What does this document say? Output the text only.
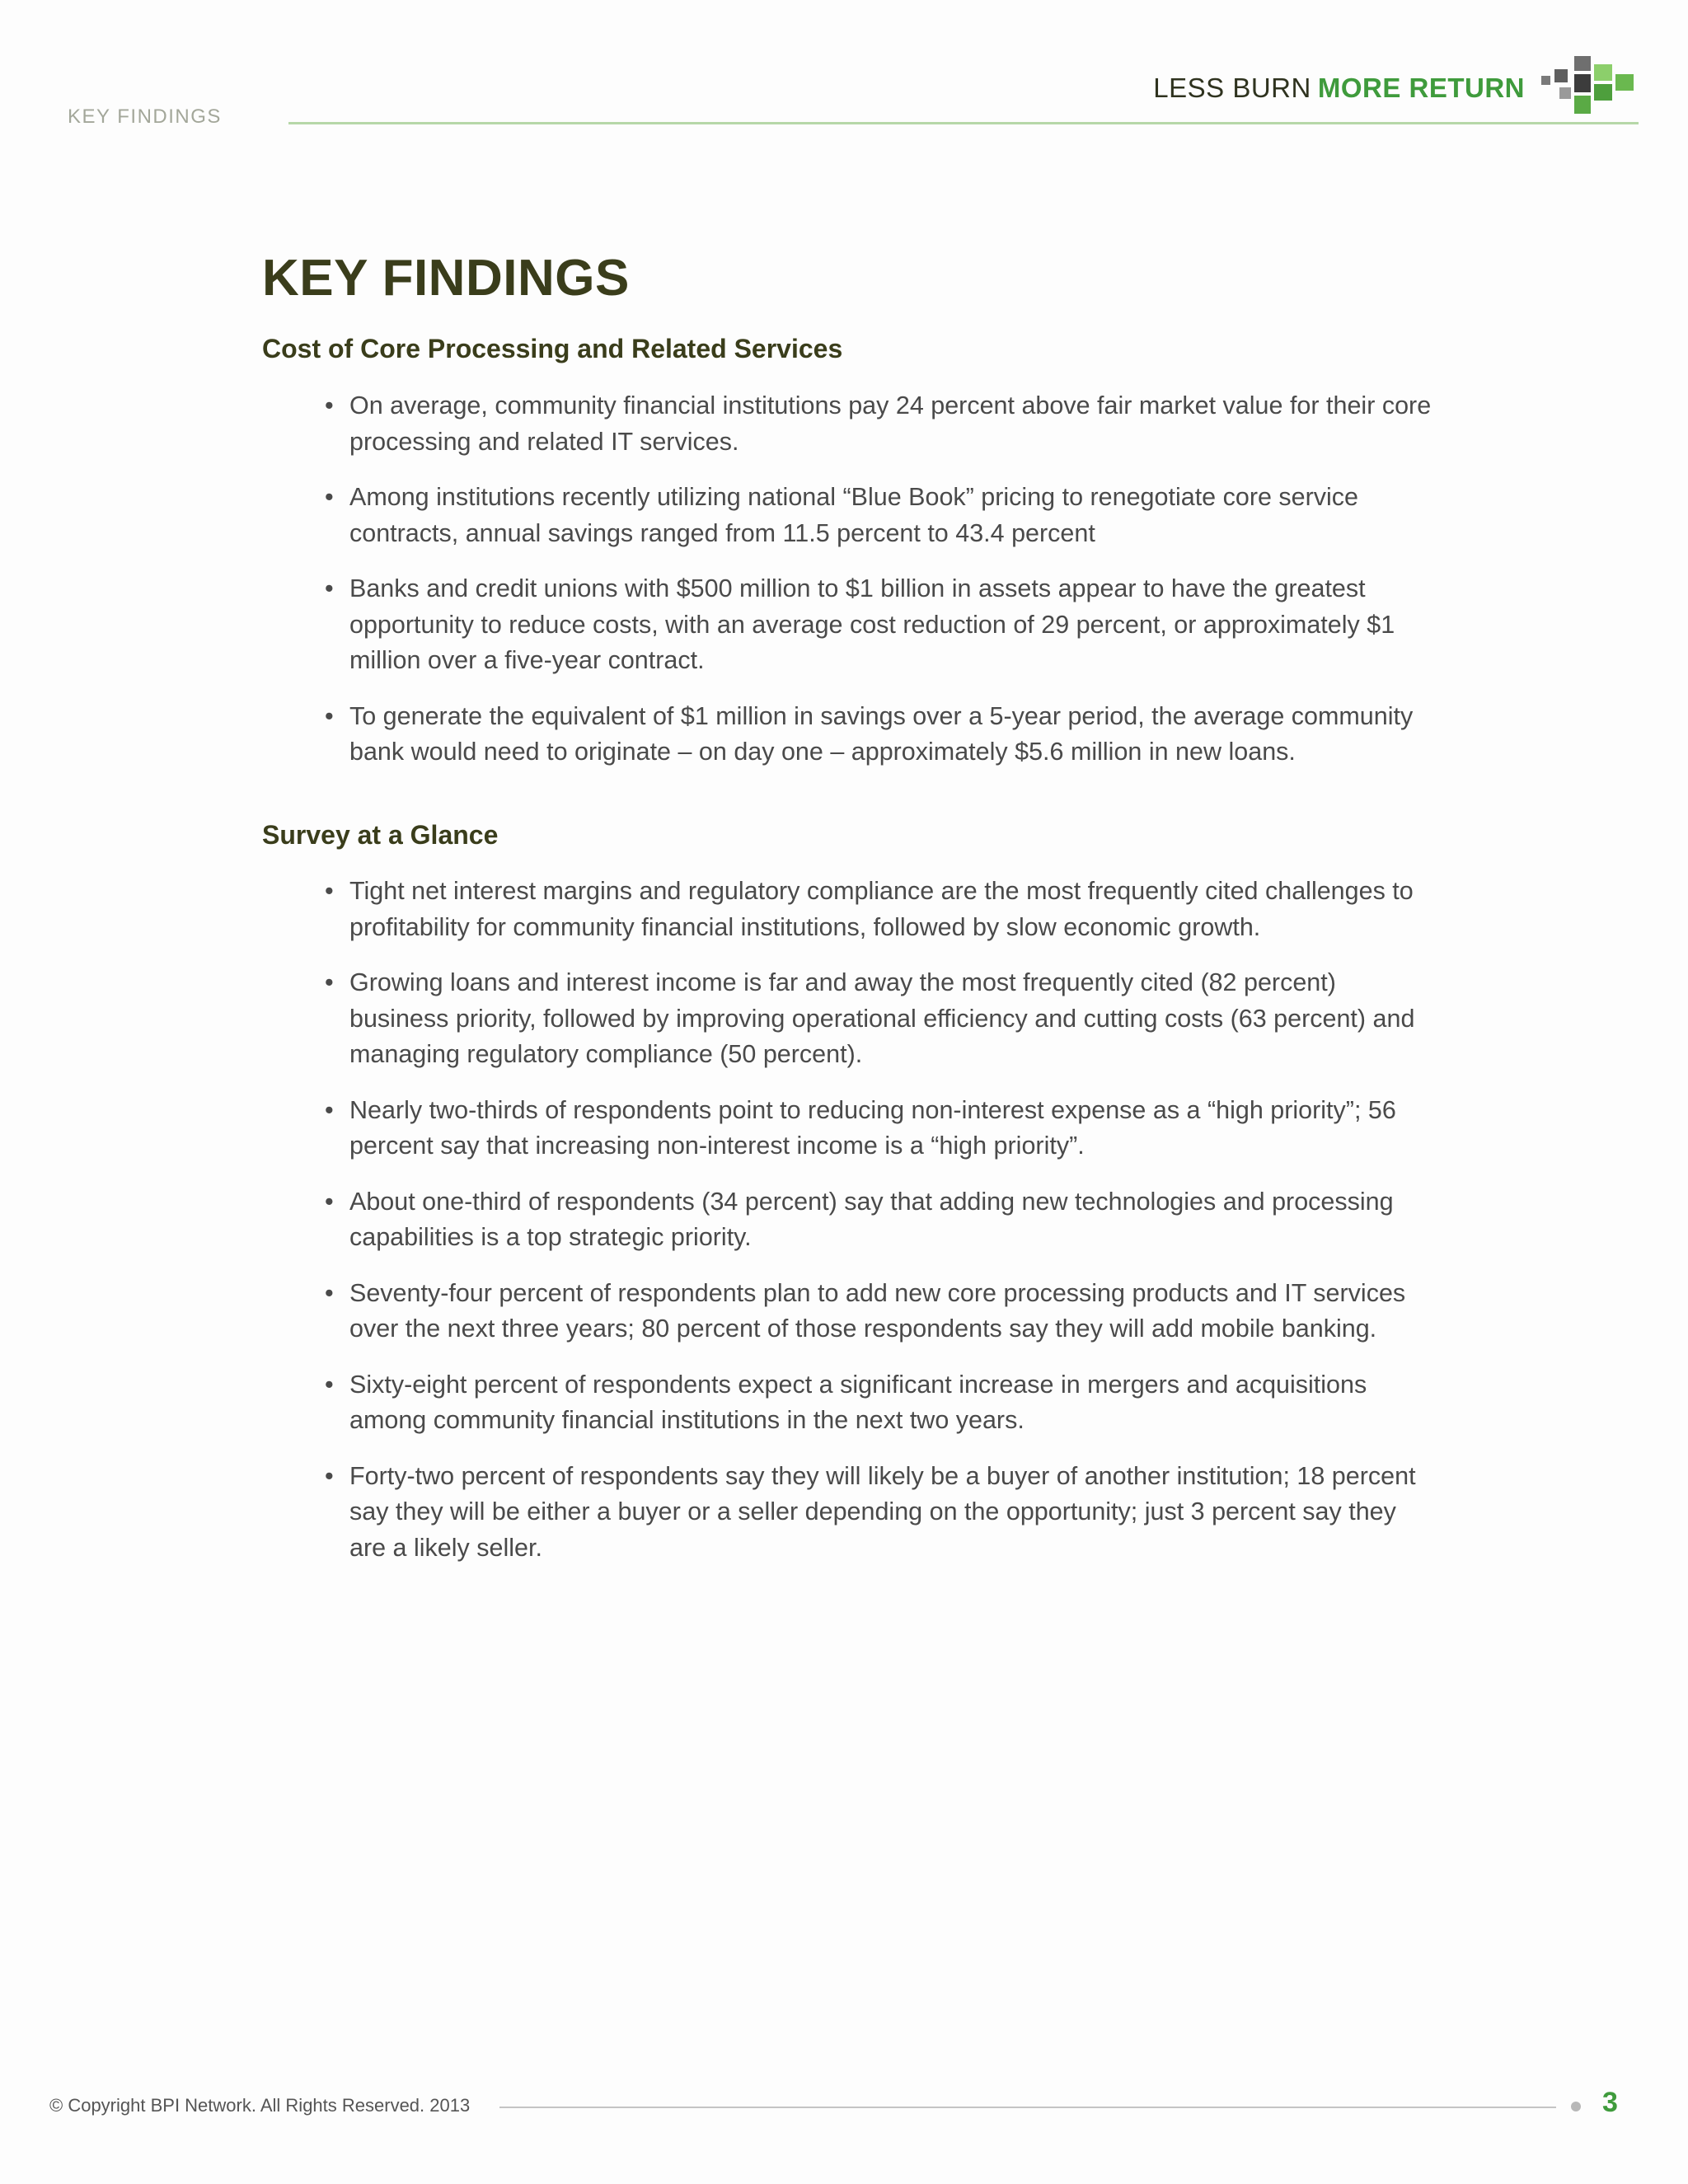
KEY FINDINGS
LESS BURN MORE RETURN
KEY FINDINGS
Cost of Core Processing and Related Services
• On average, community financial institutions pay 24 percent above fair market value for their core processing and related IT services.
• Among institutions recently utilizing national “Blue Book” pricing to renegotiate core service contracts, annual savings ranged from 11.5 percent to 43.4 percent
• Banks and credit unions with $500 million to $1 billion in assets appear to have the greatest opportunity to reduce costs, with an average cost reduction of 29 percent, or approximately $1 million over a five-year contract.
• To generate the equivalent of $1 million in savings over a 5-year period, the average community bank would need to originate – on day one – approximately $5.6 million in new loans.
Survey at a Glance
• Tight net interest margins and regulatory compliance are the most frequently cited challenges to profitability for community financial institutions, followed by slow economic growth.
• Growing loans and interest income is far and away the most frequently cited (82 percent) business priority, followed by improving operational efficiency and cutting costs (63 percent) and managing regulatory compliance (50 percent).
• Nearly two-thirds of respondents point to reducing non-interest expense as a “high priority”; 56 percent say that increasing non-interest income is a “high priority”.
• About one-third of respondents (34 percent) say that adding new technologies and processing capabilities is a top strategic priority.
• Seventy-four percent of respondents plan to add new core processing products and IT services over the next three years; 80 percent of those respondents say they will add mobile banking.
• Sixty-eight percent of respondents expect a significant increase in mergers and acquisitions among community financial institutions in the next two years.
• Forty-two percent of respondents say they will likely be a buyer of another institution; 18 percent say they will be either a buyer or a seller depending on the opportunity; just 3 percent say they are a likely seller.
© Copyright BPI Network. All Rights Reserved. 2013	3
